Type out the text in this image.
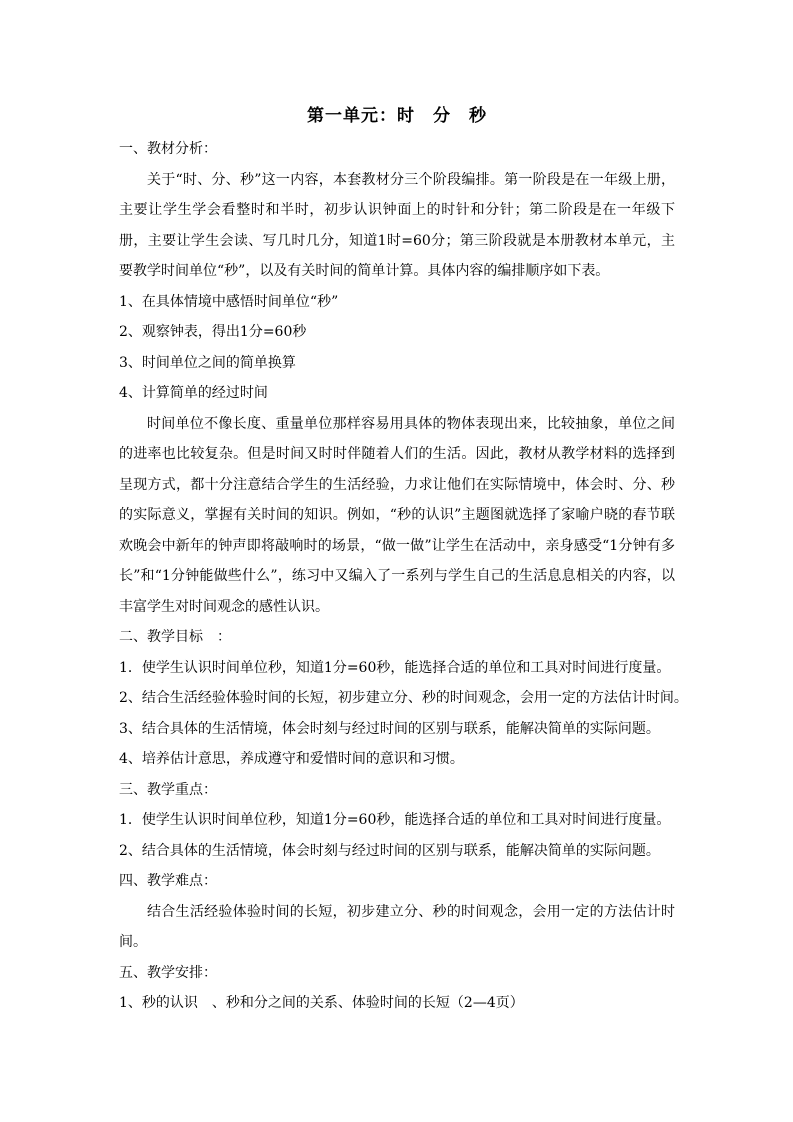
第一单元：时　分　秒

一、教材分析：

关于“时、分、秒”这一内容，本套教材分三个阶段编排。第一阶段是在一年级上册，主要让学生学会看整时和半时，初步认识钟面上的时针和分针；第二阶段是在一年级下册，主要让学生会读、写几时几分，知道1时=60分；第三阶段就是本册教材本单元，主要教学时间单位“秒”，以及有关时间的简单计算。具体内容的编排顺序如下表。

1、在具体情境中感悟时间单位“秒”

2、观察钟表，得出1分=60秒

3、时间单位之间的简单换算

4、计算简单的经过时间

时间单位不像长度、重量单位那样容易用具体的物体表现出来，比较抽象，单位之间的进率也比较复杂。但是时间又时时伴随着人们的生活。因此，教材从教学材料的选择到呈现方式，都十分注意结合学生的生活经验，力求让他们在实际情境中，体会时、分、秒的实际意义，掌握有关时间的知识。例如，“秒的认识”主题图就选择了家喻户晓的春节联欢晚会中新年的钟声即将敲响时的场景，“做一做”让学生在活动中，亲身感受“1分钟有多长”和“1分钟能做些什么”，练习中又编入了一系列与学生自己的生活息息相关的内容，以丰富学生对时间观念的感性认识。

二、教学目标　：

1．使学生认识时间单位秒，知道1分=60秒，能选择合适的单位和工具对时间进行度量。

2、结合生活经验体验时间的长短，初步建立分、秒的时间观念，会用一定的方法估计时间。

3、结合具体的生活情境，体会时刻与经过时间的区别与联系，能解决简单的实际问题。

4、培养估计意思，养成遵守和爱惜时间的意识和习惯。

三、教学重点：

1．使学生认识时间单位秒，知道1分=60秒，能选择合适的单位和工具对时间进行度量。

2、结合具体的生活情境，体会时刻与经过时间的区别与联系，能解决简单的实际问题。

四、教学难点：

结合生活经验体验时间的长短，初步建立分、秒的时间观念，会用一定的方法估计时间。

五、教学安排：

1、秒的认识　、秒和分之间的关系、体验时间的长短（2—4页）
